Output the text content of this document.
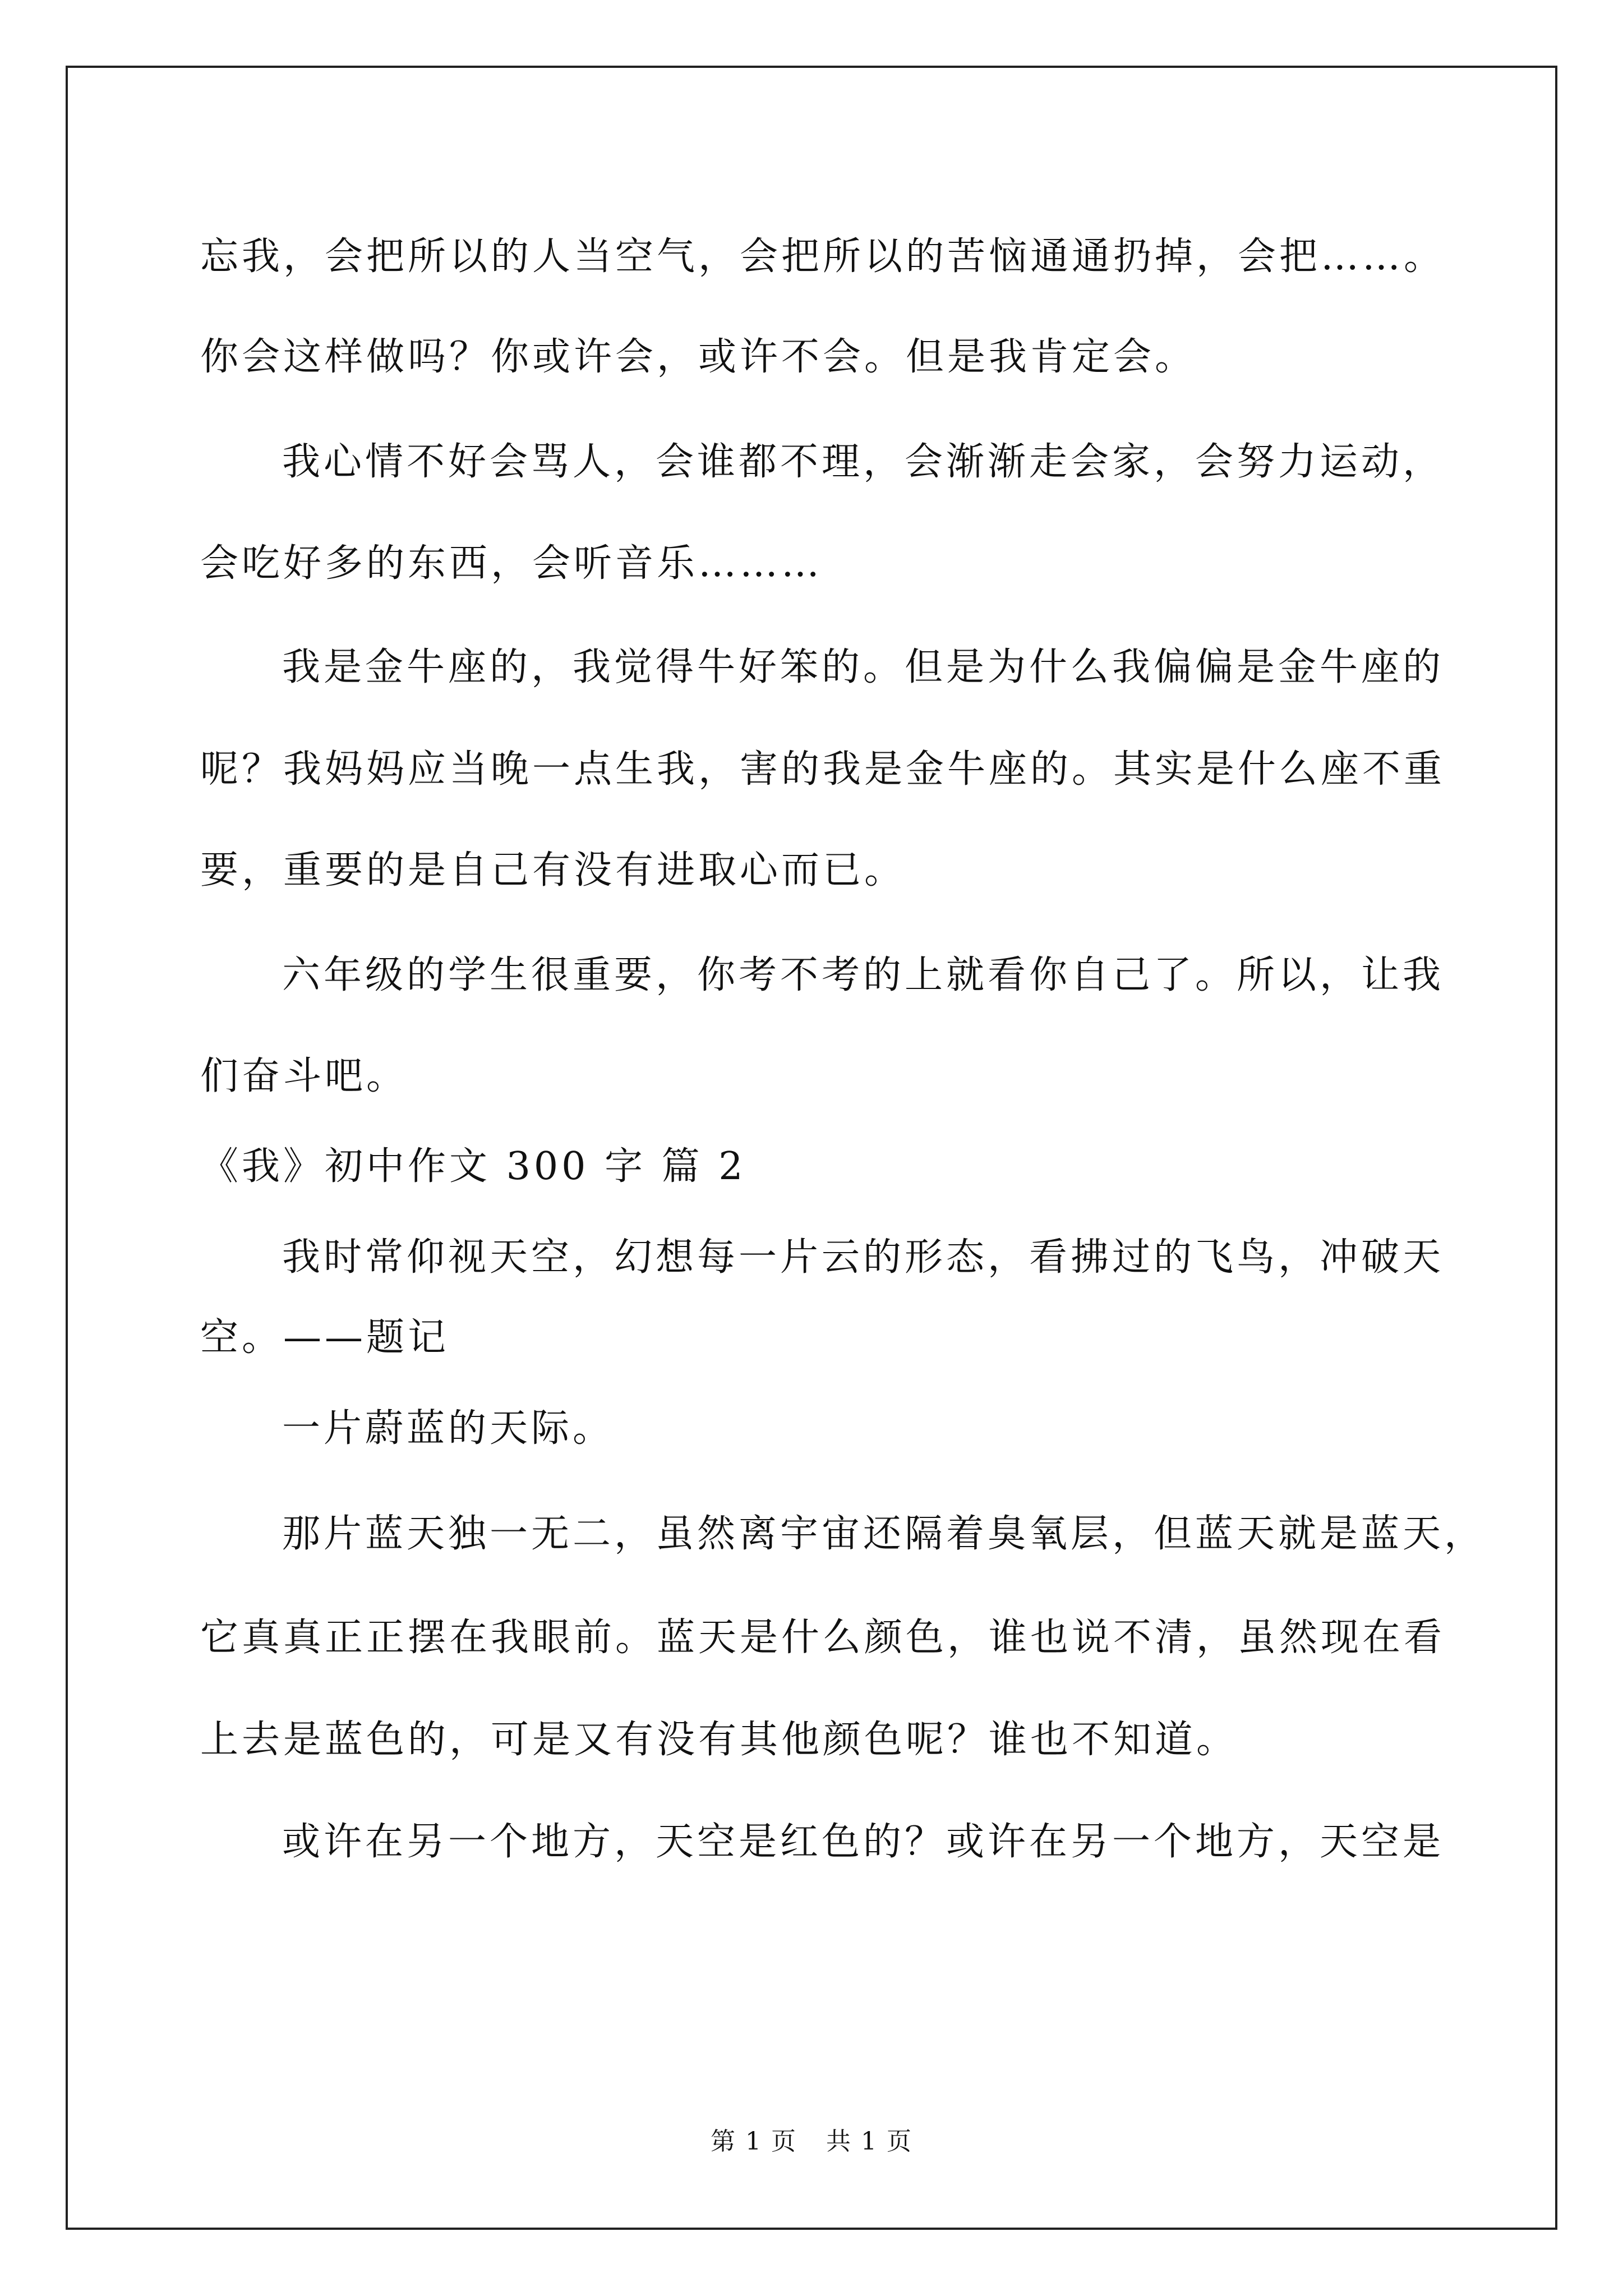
忘我，会把所以的人当空气，会把所以的苦恼通通扔掉，会把……。
你会这样做吗？你或许会，或许不会。但是我肯定会。
我心情不好会骂人，会谁都不理，会渐渐走会家，会努力运动，
会吃好多的东西，会听音乐………
我是金牛座的，我觉得牛好笨的。但是为什么我偏偏是金牛座的
呢？我妈妈应当晚一点生我，害的我是金牛座的。其实是什么座不重
要，重要的是自己有没有进取心而已。
六年级的学生很重要，你考不考的上就看你自己了。所以，让我
们奋斗吧。
《我》初中作文 300 字 篇 2
我时常仰视天空，幻想每一片云的形态，看拂过的飞鸟，冲破天
空。——题记
一片蔚蓝的天际。
那片蓝天独一无二，虽然离宇宙还隔着臭氧层，但蓝天就是蓝天，
它真真正正摆在我眼前。蓝天是什么颜色，谁也说不清，虽然现在看
上去是蓝色的，可是又有没有其他颜色呢？谁也不知道。
或许在另一个地方，天空是红色的？或许在另一个地方，天空是
第 1 页 共 1 页
